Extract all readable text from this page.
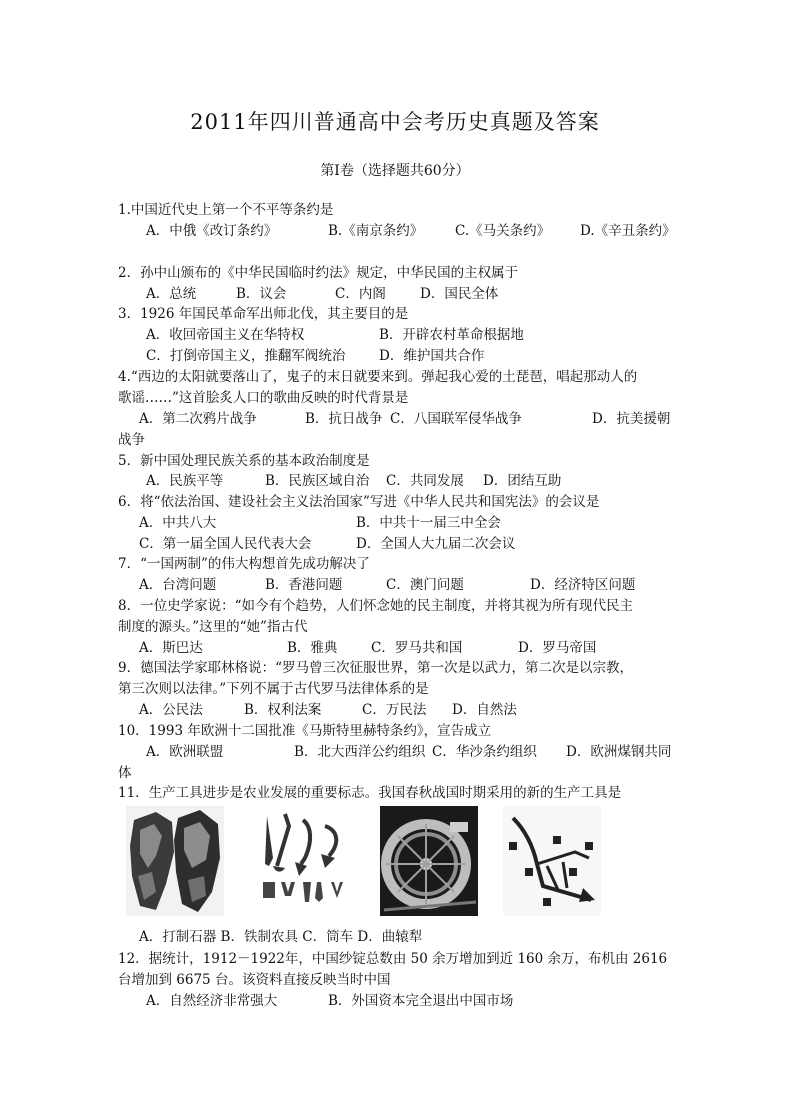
2011年四川普通高中会考历史真题及答案
第Ⅰ卷（选择题共60分）
1.中国近代史上第一个不平等条约是
A．中俄《改订条约》	B.《南京条约》 C.《马关条约》 D.《辛丑条约》
2．孙中山颁布的《中华民国临时约法》规定，中华民国的主权属于
A．总统	B．议会	C．内阁	D．国民全体
3．1926 年国民革命军出师北伐，其主要目的是
A．收回帝国主义在华特权	B．开辟农村革命根据地
C．打倒帝国主义，推翻军阀统治 D．维护国共合作
4.“西边的太阳就要落山了，鬼子的末日就要来到。弹起我心爱的土琵琶，唱起那动人的
歌谣……”这首脍炙人口的歌曲反映的时代背景是
A．第二次鸦片战争	B．抗日战争 C．八国联军侵华战争	D．抗美援朝
战争
5．新中国处理民族关系的基本政治制度是
A．民族平等	B．民族区域自治 C．共同发展 D．团结互助
6．将“依法治国、建设社会主义法治国家”写进《中华人民共和国宪法》的会议是
A．中共八大	B．中共十一届三中全会
C．第一届全国人民代表大会	D．全国人大九届二次会议
7．“一国两制”的伟大构想首先成功解决了
A．台湾问题	B．香港问题	C．澳门问题	D．经济特区问题
8．一位史学家说：“如今有个趋势，人们怀念她的民主制度，并将其视为所有现代民主
制度的源头。”这里的“她”指古代
A．斯巴达	B．雅典 C．罗马共和国	D．罗马帝国
9．德国法学家耶林格说：“罗马曾三次征服世界，第一次是以武力，第二次是以宗教，
第三次则以法律。”下列不属于古代罗马法律体系的是
A．公民法	B．权利法案	C．万民法 D．自然法
10．1993 年欧洲十二国批准《马斯特里赫特条约》，宣告成立
A．欧洲联盟	B．北大西洋公约组织 C．华沙条约组织 D．欧洲煤钢共同
体
11．生产工具进步是农业发展的重要标志。我国春秋战国时期采用的新的生产工具是
A．打制石器 B．铁制农具 C．筒车 D．曲辕犁
12．据统计，1912－1922年，中国纱锭总数由 50 余万增加到近 160 余万，布机由 2616
台增加到 6675 台。该资料直接反映当时中国
A．自然经济非常强大	B．外国资本完全退出中国市场
